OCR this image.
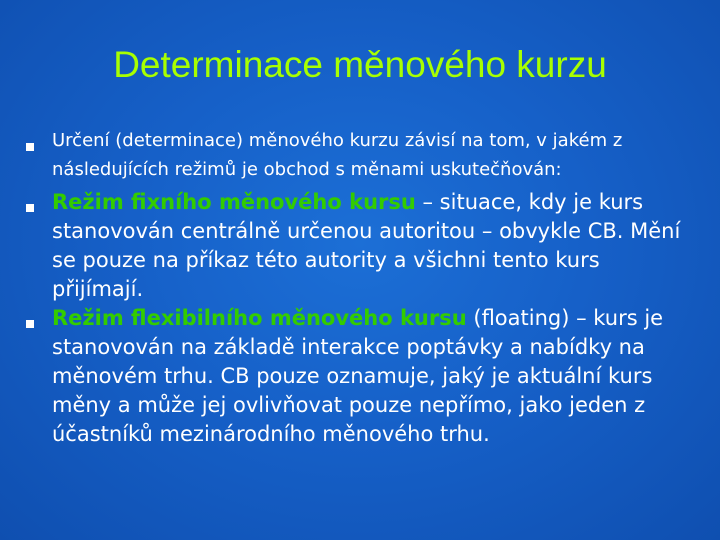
Determinace měnového kurzu
Určení (determinace) měnového kurzu závisí na tom, v jakém z následujících režimů je obchod s měnami uskutečňován:
Režim fixního měnového kursu – situace, kdy je kurs stanovován centrálně určenou autoritou – obvykle CB. Mění se pouze na příkaz této autority a všichni tento kurs přijímají.
Režim flexibilního měnového kursu (floating) – kurs je stanovován na základě interakce poptávky a nabídky na měnovém trhu. CB pouze oznamuje, jaký je aktuální kurs měny a může jej ovlivňovat pouze nepřímo, jako jeden z účastníků mezinárodního měnového trhu.
